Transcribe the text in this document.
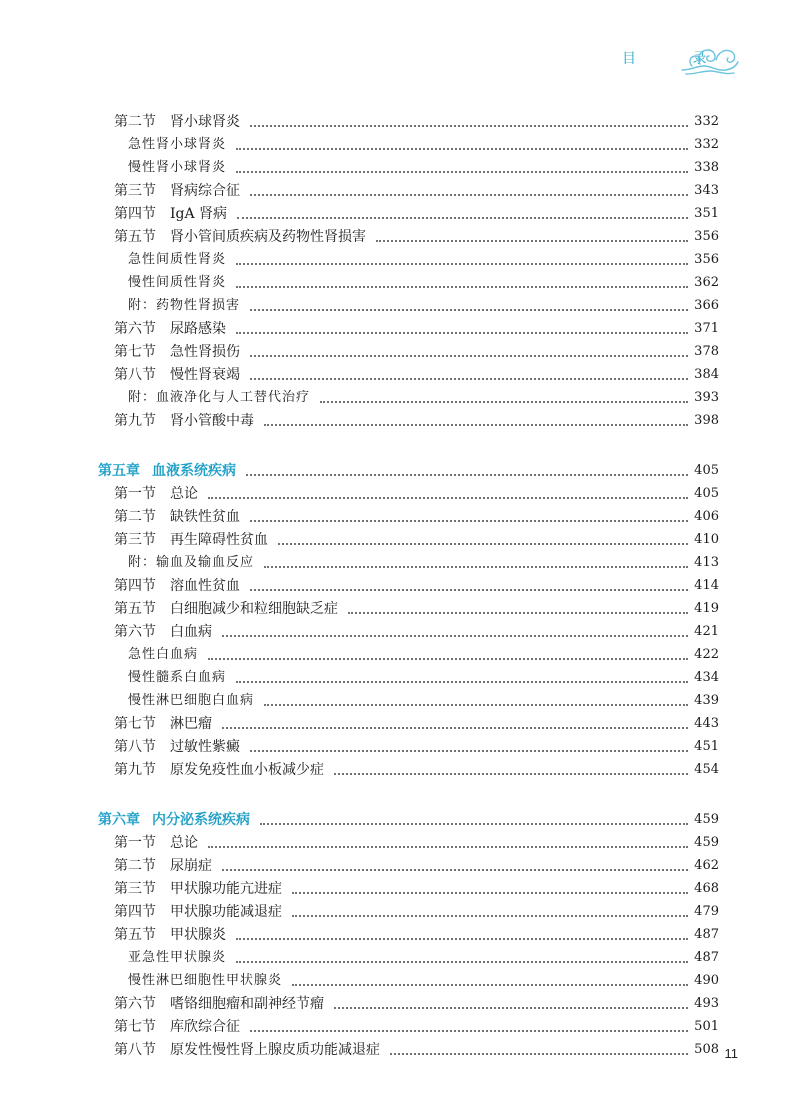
目 录
第二节 肾小球肾炎	332
急性肾小球肾炎	332
慢性肾小球肾炎	338
第三节 肾病综合征	343
第四节 IgA 肾病	351
第五节 肾小管间质疾病及药物性肾损害	356
急性间质性肾炎	356
慢性间质性肾炎	362
附：药物性肾损害	366
第六节 尿路感染	371
第七节 急性肾损伤	378
第八节 慢性肾衰竭	384
附：血液净化与人工替代治疗	393
第九节 肾小管酸中毒	398
第五章 血液系统疾病	405
第一节 总论	405
第二节 缺铁性贫血	406
第三节 再生障碍性贫血	410
附：输血及输血反应	413
第四节 溶血性贫血	414
第五节 白细胞减少和粒细胞缺乏症	419
第六节 白血病	421
急性白血病	422
慢性髓系白血病	434
慢性淋巴细胞白血病	439
第七节 淋巴瘤	443
第八节 过敏性紫癜	451
第九节 原发免疫性血小板减少症	454
第六章 内分泌系统疾病	459
第一节 总论	459
第二节 尿崩症	462
第三节 甲状腺功能亢进症	468
第四节 甲状腺功能减退症	479
第五节 甲状腺炎	487
亚急性甲状腺炎	487
慢性淋巴细胞性甲状腺炎	490
第六节 嗜铬细胞瘤和副神经节瘤	493
第七节 库欣综合征	501
第八节 原发性慢性肾上腺皮质功能减退症	508 11
